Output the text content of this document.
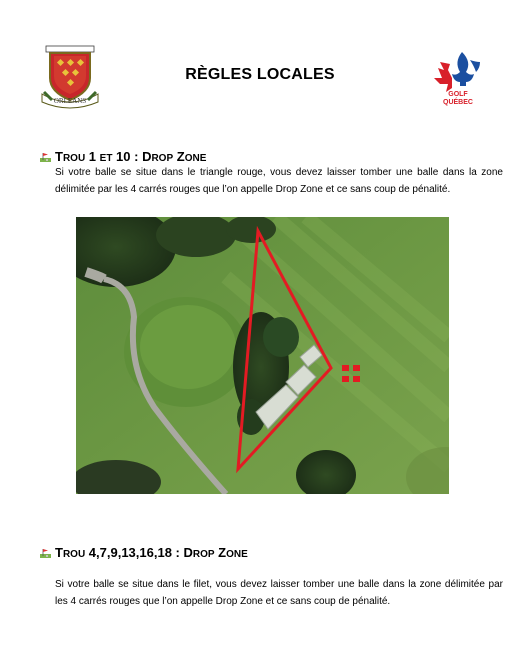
ORLEANS
GOLF
QUÉBEC
RÈGLES LOCALES
TROU 1 ET 10 : DROP ZONE
Si votre balle se situe dans le triangle rouge, vous devez laisser tomber une balle dans la zone délimitée par les 4 carrés rouges que l’on appelle Drop Zone et ce sans coup de pénalité.
TROU 4,7,9,13,16,18 : DROP ZONE
Si votre balle se situe dans le filet, vous devez laisser tomber une balle dans la zone délimitée par les 4 carrés rouges que l’on appelle Drop Zone et ce sans coup de pénalité.
